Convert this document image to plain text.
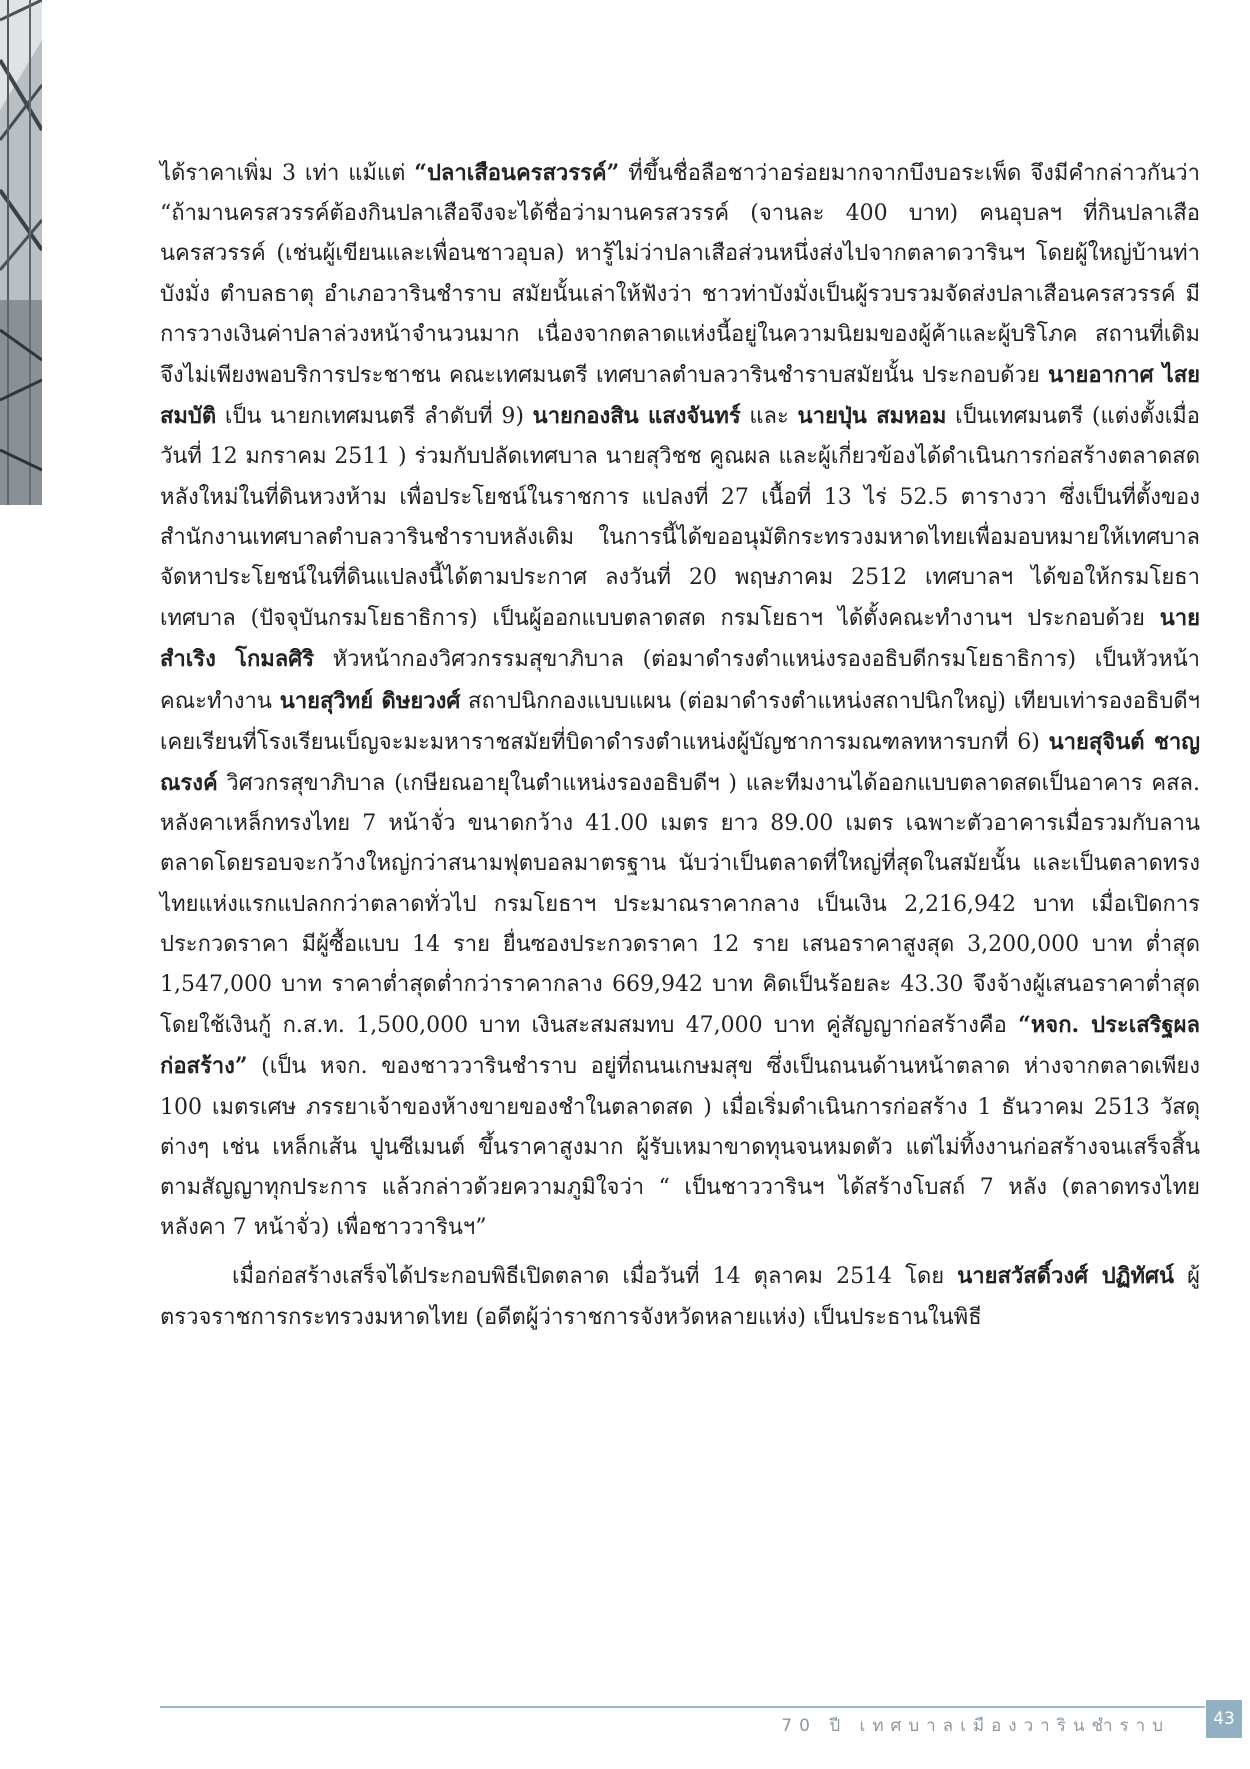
ได้ราคาเพิ่ม 3 เท่า แม้แต่ “ปลาเสือนครสวรรค์” ที่ขึ้นชื่อลือชาว่าอร่อยมากจากบึงบอระเพ็ด จึงมีคำกล่าวกันว่า “ถ้ามานครสวรรค์ต้องกินปลาเสือจึงจะได้ชื่อว่ามานครสวรรค์ (จานละ 400 บาท) คนอุบลฯ ที่กินปลาเสือนครสวรรค์ (เช่นผู้เขียนและเพื่อนชาวอุบล) หารู้ไม่ว่าปลาเสือส่วนหนึ่งส่งไปจากตลาดวารินฯ โดยผู้ใหญ่บ้านท่าบังมั่ง ตำบลธาตุ อำเภอวารินชำราบ สมัยนั้นเล่าให้ฟังว่า ชาวท่าบังมั่งเป็นผู้รวบรวมจัดส่งปลาเสือนครสวรรค์ มีการวางเงินค่าปลาล่วงหน้าจำนวนมาก เนื่องจากตลาดแห่งนี้อยู่ในความนิยมของผู้ค้าและผู้บริโภค สถานที่เดิมจึงไม่เพียงพอบริการประชาชน คณะเทศมนตรี เทศบาลตำบลวารินชำราบสมัยนั้น ประกอบด้วย นายอากาศ ไสยสมบัติ เป็น นายกเทศมนตรี ลำดับที่ 9) นายกองสิน แสงจันทร์ และ นายปุ่น สมหอม เป็นเทศมนตรี (แต่งตั้งเมื่อวันที่ 12 มกราคม 2511 ) ร่วมกับปลัดเทศบาล นายสุวิชช คูณผล และผู้เกี่ยวข้องได้ดำเนินการก่อสร้างตลาดสดหลังใหม่ในที่ดินหวงห้าม เพื่อประโยชน์ในราชการ แปลงที่ 27 เนื้อที่ 13 ไร่ 52.5 ตารางวา ซึ่งเป็นที่ตั้งของสำนักงานเทศบาลตำบลวารินชำราบหลังเดิม ในการนี้ได้ขออนุมัติกระทรวงมหาดไทยเพื่อมอบหมายให้เทศบาลจัดหาประโยชน์ในที่ดินแปลงนี้ได้ตามประกาศ ลงวันที่ 20 พฤษภาคม 2512 เทศบาลฯ ได้ขอให้กรมโยธาเทศบาล (ปัจจุบันกรมโยธาธิการ) เป็นผู้ออกแบบตลาดสด กรมโยธาฯ ได้ตั้งคณะทำงานฯ ประกอบด้วย นายสำเริง โกมลศิริ หัวหน้ากองวิศวกรรมสุขาภิบาล (ต่อมาดำรงตำแหน่งรองอธิบดีกรมโยธาธิการ) เป็นหัวหน้าคณะทำงาน นายสุวิทย์ ดิษยวงศ์ สถาปนิกกองแบบแผน (ต่อมาดำรงตำแหน่งสถาปนิกใหญ่) เทียบเท่ารองอธิบดีฯ เคยเรียนที่โรงเรียนเบ็ญจะมะมหาราชสมัยที่บิดาดำรงตำแหน่งผู้บัญชาการมณฑลทหารบกที่ 6) นายสุจินต์ ชาญณรงค์ วิศวกรสุขาภิบาล (เกษียณอายุในตำแหน่งรองอธิบดีฯ ) และทีมงานได้ออกแบบตลาดสดเป็นอาคาร คสล. หลังคาเหล็กทรงไทย 7 หน้าจั่ว ขนาดกว้าง 41.00 เมตร ยาว 89.00 เมตร เฉพาะตัวอาคารเมื่อรวมกับลานตลาดโดยรอบจะกว้างใหญ่กว่าสนามฟุตบอลมาตรฐาน นับว่าเป็นตลาดที่ใหญ่ที่สุดในสมัยนั้น และเป็นตลาดทรงไทยแห่งแรกแปลกกว่าตลาดทั่วไป กรมโยธาฯ ประมาณราคากลาง เป็นเงิน 2,216,942 บาท เมื่อเปิดการประกวดราคา มีผู้ซื้อแบบ 14 ราย ยื่นซองประกวดราคา 12 ราย เสนอราคาสูงสุด 3,200,000 บาท ต่ำสุด 1,547,000 บาท ราคาต่ำสุดต่ำกว่าราคากลาง 669,942 บาท คิดเป็นร้อยละ 43.30 จึงจ้างผู้เสนอราคาต่ำสุด โดยใช้เงินกู้ ก.ส.ท. 1,500,000 บาท เงินสะสมสมทบ 47,000 บาท คู่สัญญาก่อสร้างคือ “หจก. ประเสริฐผลก่อสร้าง” (เป็น หจก. ของชาววารินชำราบ อยู่ที่ถนนเกษมสุข ซึ่งเป็นถนนด้านหน้าตลาด ห่างจากตลาดเพียง 100 เมตรเศษ ภรรยาเจ้าของห้างขายของชำในตลาดสด ) เมื่อเริ่มดำเนินการก่อสร้าง 1 ธันวาคม 2513 วัสดุต่างๆ เช่น เหล็กเส้น ปูนซีเมนต์ ขึ้นราคาสูงมาก ผู้รับเหมาขาดทุนจนหมดตัว แต่ไม่ทิ้งงานก่อสร้างจนเสร็จสิ้นตามสัญญาทุกประการ แล้วกล่าวด้วยความภูมิใจว่า “ เป็นชาววารินฯ ได้สร้างโบสถ์ 7 หลัง (ตลาดทรงไทยหลังคา 7 หน้าจั่ว) เพื่อชาววารินฯ”

เมื่อก่อสร้างเสร็จได้ประกอบพิธีเปิดตลาด เมื่อวันที่ 14 ตุลาคม 2514 โดย นายสวัสดิ์วงศ์ ปฏิทัศน์ ผู้ตรวจราชการกระทรวงมหาดไทย (อดีตผู้ว่าราชการจังหวัดหลายแห่ง) เป็นประธานในพิธี

70 ปี เทศบาลเมืองวารินชำราบ	43
